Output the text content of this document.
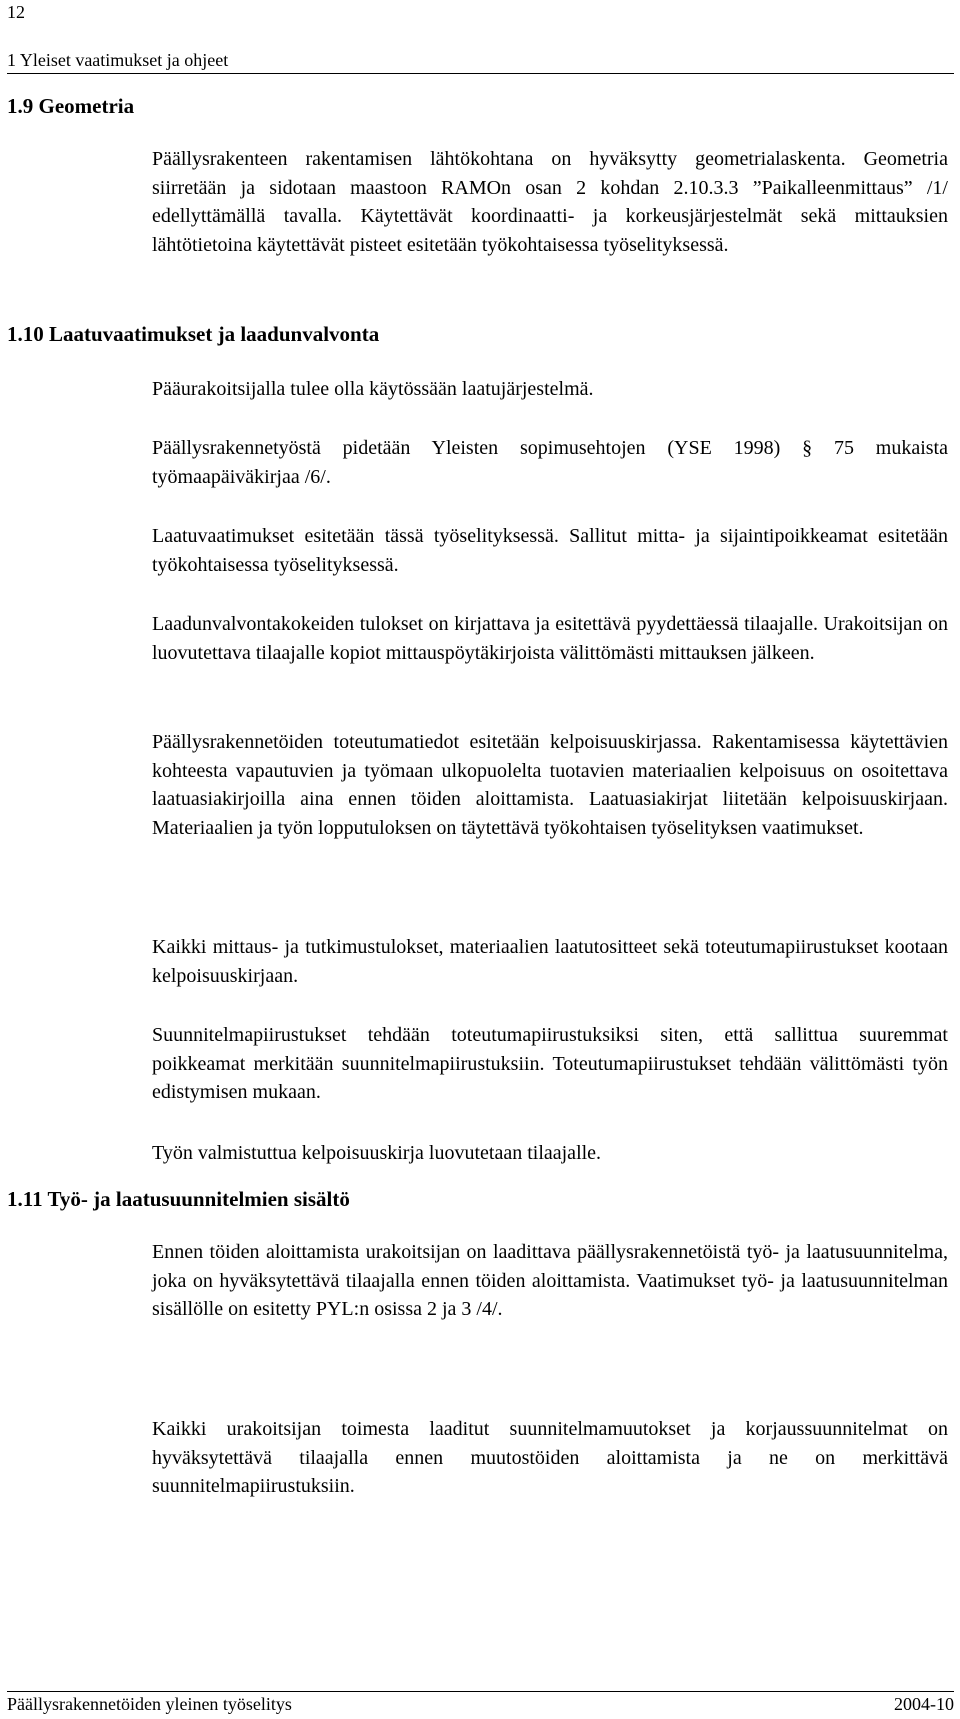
12
1 Yleiset vaatimukset ja ohjeet
1.9 Geometria

Päällysrakenteen rakentamisen lähtökohtana on hyväksytty geometrialaskenta. Geometria siirretään ja sidotaan maastoon RAMOn osan 2 kohdan 2.10.3.3 ”Paikalleenmittaus” /1/ edellyttämällä tavalla. Käytettävät koordinaatti- ja korkeusjärjestelmät sekä mittauksien lähtötietoina käytettävät pisteet esitetään työkohtaisessa työselityksessä.

1.10 Laatuvaatimukset ja laadunvalvonta

Pääurakoitsijalla tulee olla käytössään laatujärjestelmä.

Päällysrakennetyöstä pidetään Yleisten sopimusehtojen (YSE 1998) § 75 mukaista työmaapäiväkirjaa /6/.

Laatuvaatimukset esitetään tässä työselityksessä. Sallitut mitta- ja sijaintipoikkeamat esitetään työkohtaisessa työselityksessä.

Laadunvalvontakokeiden tulokset on kirjattava ja esitettävä pyydettäessä tilaajalle. Urakoitsijan on luovutettava tilaajalle kopiot mittauspöytäkirjoista välittömästi mittauksen jälkeen.

Päällysrakennetöiden toteutumatiedot esitetään kelpoisuuskirjassa. Rakentamisessa käytettävien kohteesta vapautuvien ja työmaan ulkopuolelta tuotavien materiaalien kelpoisuus on osoitettava laatuasiakirjoilla aina ennen töiden aloittamista. Laatuasiakirjat liitetään kelpoisuuskirjaan. Materiaalien ja työn lopputuloksen on täytettävä työkohtaisen työselityksen vaatimukset.

Kaikki mittaus- ja tutkimustulokset, materiaalien laatutositteet sekä toteutumapiirustukset kootaan kelpoisuuskirjaan.

Suunnitelmapiirustukset tehdään toteutumapiirustuksiksi siten, että sallittua suuremmat poikkeamat merkitään suunnitelmapiirustuksiin. Toteutumapiirustukset tehdään välittömästi työn edistymisen mukaan.

Työn valmistuttua kelpoisuuskirja luovutetaan tilaajalle.

1.11 Työ- ja laatusuunnitelmien sisältö

Ennen töiden aloittamista urakoitsijan on laadittava päällysrakennetöistä työ- ja laatusuunnitelma, joka on hyväksytettävä tilaajalla ennen töiden aloittamista. Vaatimukset työ- ja laatusuunnitelman sisällölle on esitetty PYL:n osissa 2 ja 3 /4/.

Kaikki urakoitsijan toimesta laaditut suunnitelmamuutokset ja korjaussuunnitelmat on hyväksytettävä tilaajalla ennen muutostöiden aloittamista ja ne on merkittävä suunnitelmapiirustuksiin.

Päällysrakennetöiden yleinen työselitys	2004-10
